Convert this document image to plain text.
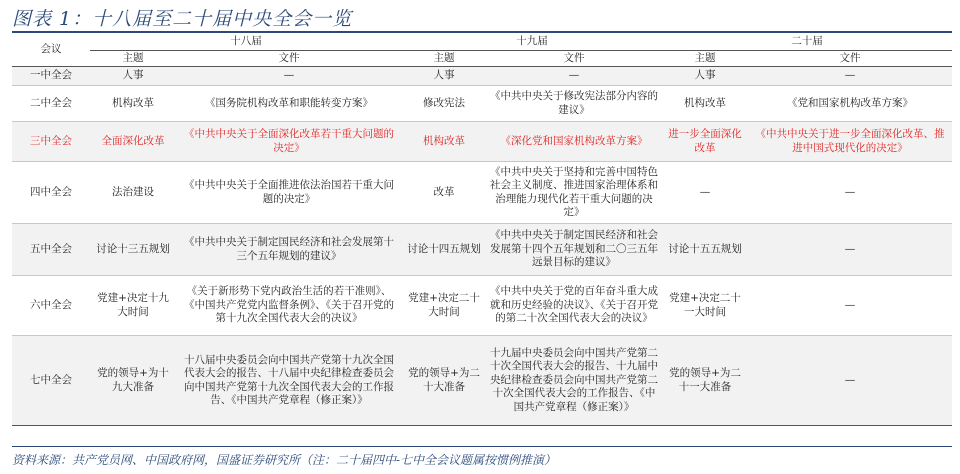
图表 1：十八届至二十届中央全会一览
会议	十八届		十九届		二十届	
	主题	文件	主题	文件	主题	文件
一中全会	人事	—	人事	—	人事	—
二中全会	机构改革	《国务院机构改革和职能转变方案》	修改宪法	《中共中央关于修改宪法部分内容的建议》	机构改革	《党和国家机构改革方案》
三中全会	全面深化改革	《中共中央关于全面深化改革若干重大问题的决定》	机构改革	《深化党和国家机构改革方案》	进一步全面深化改革	《中共中央关于进一步全面深化改革、推进中国式现代化的决定》
四中全会	法治建设	《中共中央关于全面推进依法治国若干重大问题的决定》	改革	《中共中央关于坚持和完善中国特色社会主义制度、推进国家治理体系和治理能力现代化若干重大问题的决定》	—	—
五中全会	讨论十三五规划	《中共中央关于制定国民经济和社会发展第十三个五年规划的建议》	讨论十四五规划	《中共中央关于制定国民经济和社会发展第十四个五年规划和二〇三五年远景目标的建议》	讨论十五五规划	—
六中全会	党建+决定十九大时间	《关于新形势下党内政治生活的若干准则》、《中国共产党党内监督条例》、《关于召开党的第十九次全国代表大会的决议》	党建+决定二十大时间	《中共中央关于党的百年奋斗重大成就和历史经验的决议》、《关于召开党的第二十次全国代表大会的决议》	党建+决定二十一大时间	—
七中全会	党的领导+为十九大准备	十八届中央委员会向中国共产党第十九次全国代表大会的报告、十八届中央纪律检查委员会向中国共产党第十九次全国代表大会的工作报告、《中国共产党章程（修正案）》	党的领导+为二十大准备	十九届中央委员会向中国共产党第二十次全国代表大会的报告、十九届中央纪律检查委员会向中国共产党第二十次全国代表大会的工作报告、《中国共产党章程（修正案）》	党的领导+为二十一大准备	—
资料来源：共产党员网、中国政府网，国盛证券研究所（注：二十届四中-七中全会议题属按惯例推演）
